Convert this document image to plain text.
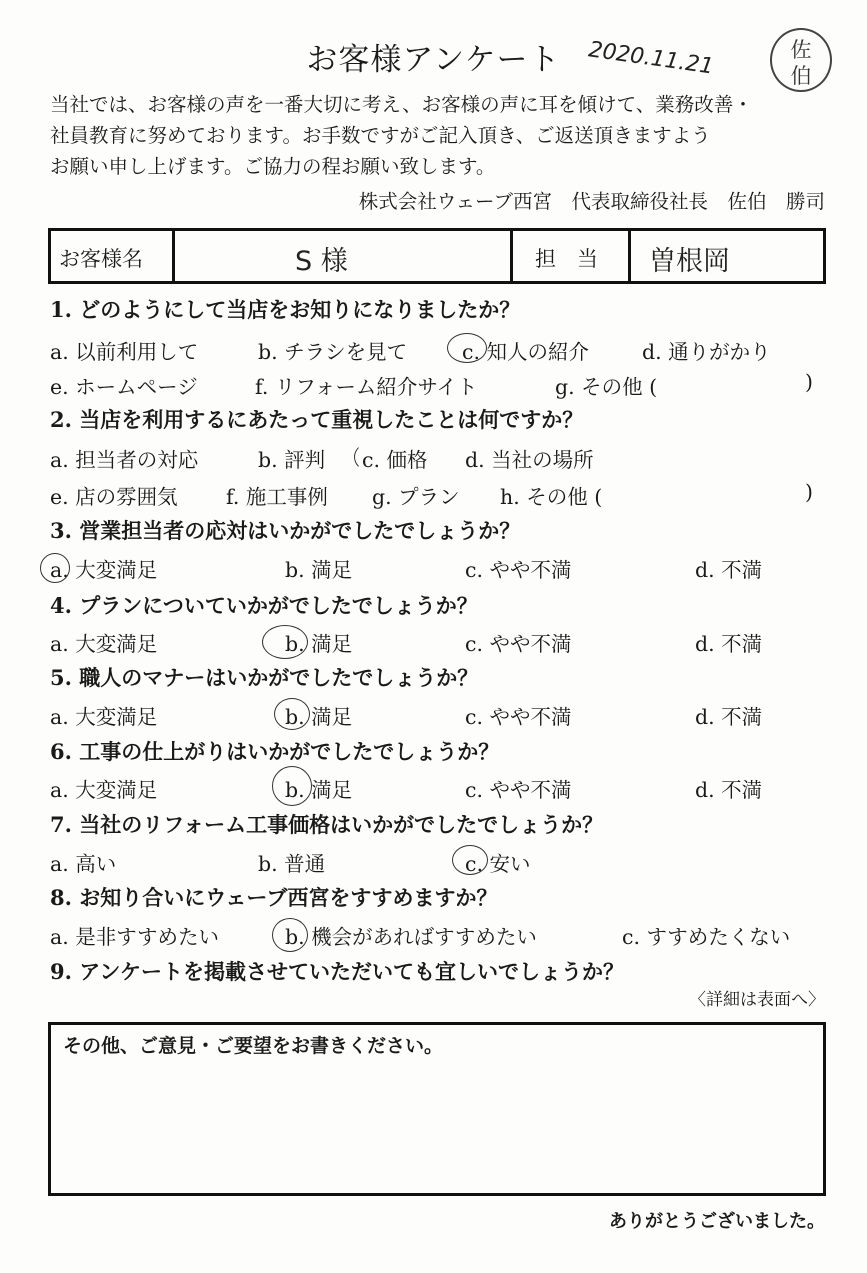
お客様アンケート	2020.11.21	佐
伯
当社では、お客様の声を一番大切に考え、お客様の声に耳を傾けて、業務改善・
社員教育に努めております。お手数ですがご記入頂き、ご返送頂きますよう
お願い申し上げます。ご協力の程お願い致します。
株式会社ウェーブ西宮　代表取締役社長　佐伯　勝司
お客様名	S 様	担　当 曽根岡
1. どのようにして当店をお知りになりましたか？
a. 以前利用して	b. チラシを見て	c. 知人の紹介	d. 通りがかり
e. ホームページ	f. リフォーム紹介サイト	g. その他 (	)
2. 当店を利用するにあたって重視したことは何ですか？
a. 担当者の対応	b. 評判 c. 価格 d. 当社の場所
e. 店の雰囲気 f. 施工事例 g. プラン h. その他 (	)
3. 営業担当者の応対はいかがでしたでしょうか？
a. 大変満足	b. 満足	c. やや不満	d. 不満
4. プランについていかがでしたでしょうか？
a. 大変満足	b. 満足	c. やや不満	d. 不満
5. 職人のマナーはいかがでしたでしょうか？
a. 大変満足	b. 満足	c. やや不満	d. 不満
6. 工事の仕上がりはいかがでしたでしょうか？
a. 大変満足	b. 満足	c. やや不満	d. 不満
7. 当社のリフォーム工事価格はいかがでしたでしょうか？
a. 高い	b. 普通	c. 安い
8. お知り合いにウェーブ西宮をすすめますか？
a. 是非すすめたい	b. 機会があればすすめたい	c. すすめたくない
9. アンケートを掲載させていただいても宜しいでしょうか？
〈詳細は表面へ〉
その他、ご意見・ご要望をお書きください。
ありがとうございました。
